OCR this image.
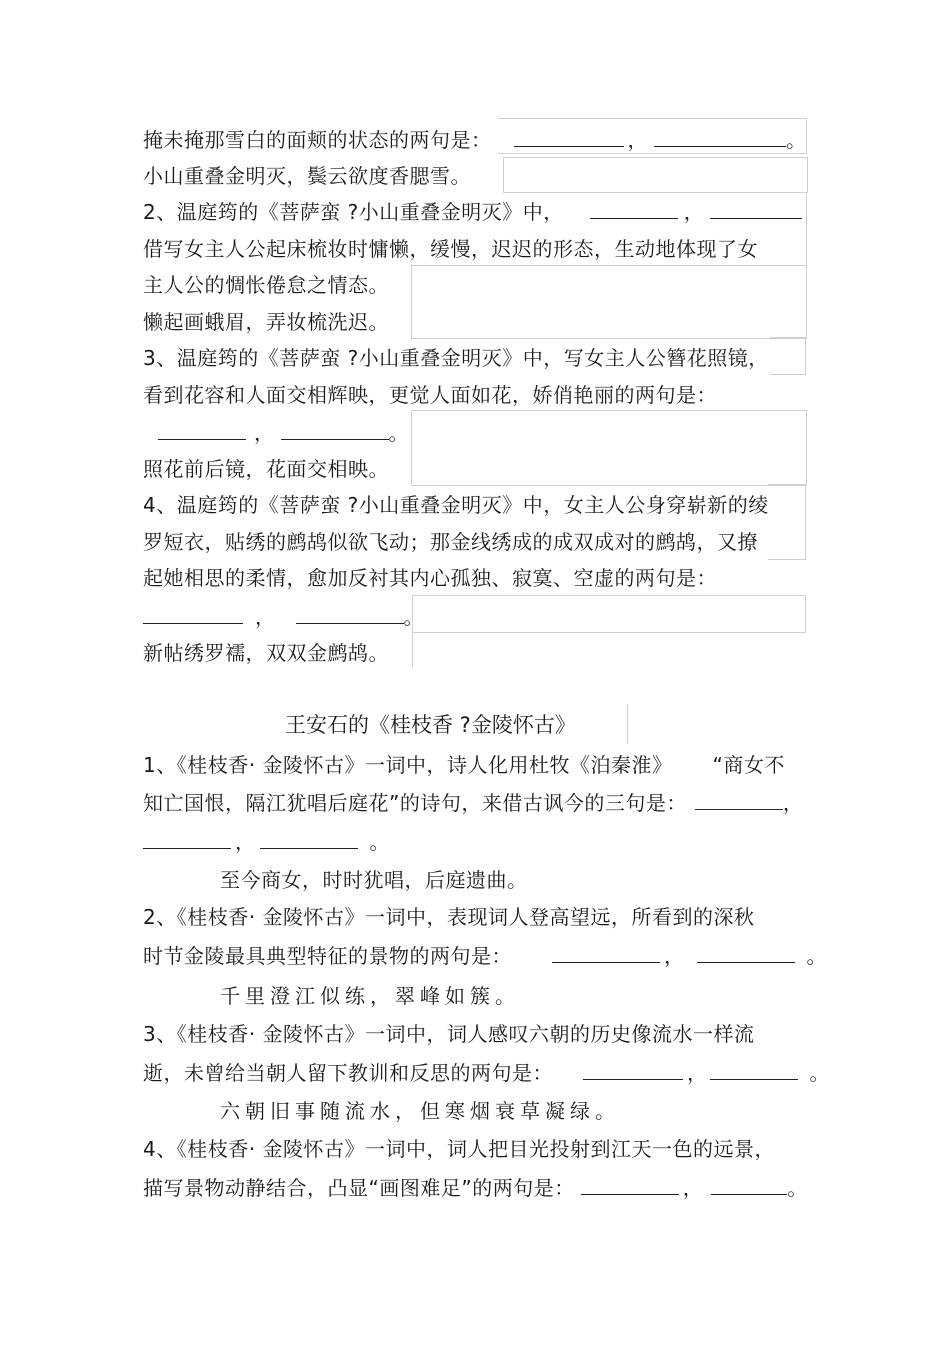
掩未掩那雪白的面颊的状态的两句是：	，	。
小山重叠金明灭，鬓云欲度香腮雪。
2、温庭筠的《菩萨蛮 ?小山重叠金明灭》中，	，
借写女主人公起床梳妆时慵懒，缓慢，迟迟的形态，生动地体现了女
主人公的惆怅倦怠之情态。
懒起画蛾眉，弄妆梳洗迟。
3、温庭筠的《菩萨蛮 ?小山重叠金明灭》中，写女主人公簪花照镜，
看到花容和人面交相辉映，更觉人面如花，娇俏艳丽的两句是：
，	。
照花前后镜，花面交相映。
4、温庭筠的《菩萨蛮 ?小山重叠金明灭》中，女主人公身穿崭新的绫
罗短衣，贴绣的鹧鸪似欲飞动；那金线绣成的成双成对的鹧鸪，又撩
起她相思的柔情，愈加反衬其内心孤独、寂寞、空虚的两句是：
，	。
新帖绣罗襦，双双金鹧鸪。
王安石的《桂枝香 ?金陵怀古》
1、《桂枝香· 金陵怀古》一词中，诗人化用杜牧《泊秦淮》 “商女不
知亡国恨，隔江犹唱后庭花”的诗句，来借古讽今的三句是：	，
，	。
至今商女，时时犹唱，后庭遗曲。
2、《桂枝香· 金陵怀古》一词中，表现词人登高望远，所看到的深秋
时节金陵最具典型特征的景物的两句是：	，	。
千里澄江似练，翠峰如簇。
3、《桂枝香· 金陵怀古》一词中，词人感叹六朝的历史像流水一样流
逝，未曾给当朝人留下教训和反思的两句是：	，	。
六朝旧事随流水，但寒烟衰草凝绿。
4、《桂枝香· 金陵怀古》一词中，词人把目光投射到江天一色的远景，
描写景物动静结合，凸显“画图难足”的两句是：	，	。
